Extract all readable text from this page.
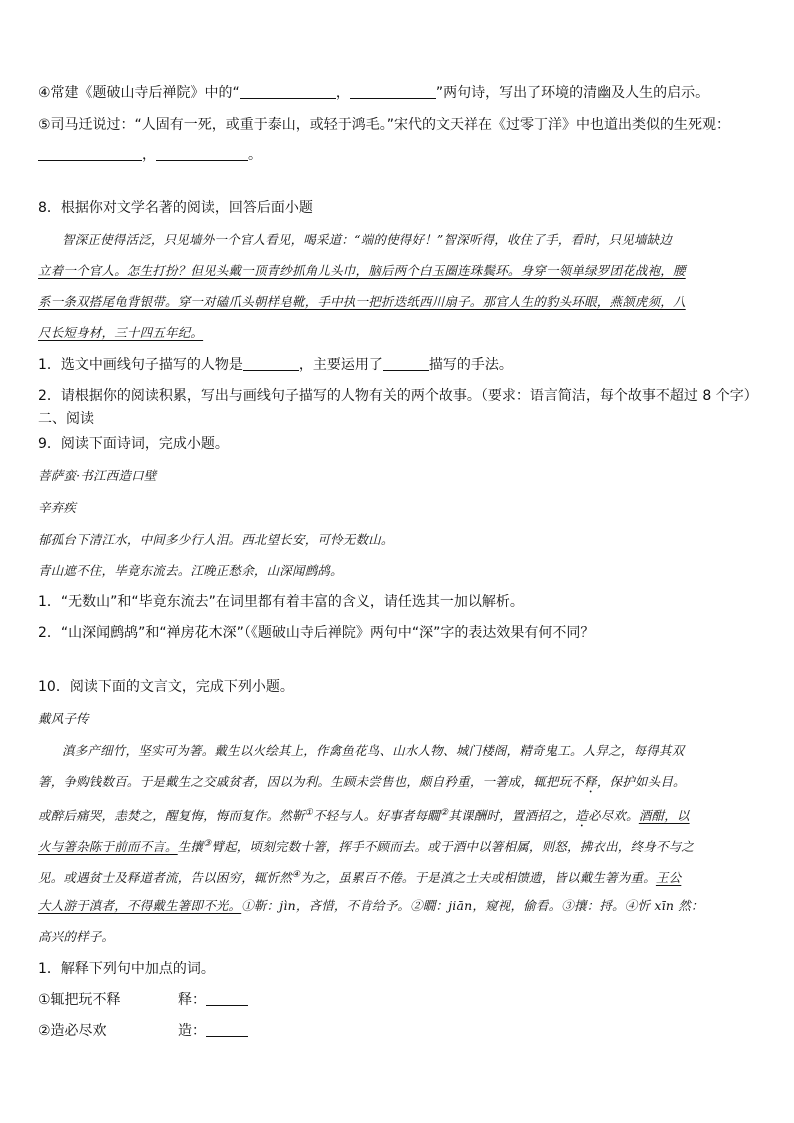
④常建《题破山寺后禅院》中的“	，	”两句诗，写出了环境的清幽及人生的启示。
⑤司马迁说过：“人固有一死，或重于泰山，或轻于鸿毛。”宋代的文天祥在《过零丁洋》中也道出类似的生死观：
，	。
8．根据你对文学名著的阅读，回答后面小题
智深正使得活泛，只见墙外一个官人看见，喝采道：“端的使得好！”智深听得，收住了手，看时，只见墙缺边
立着一个官人。怎生打扮？但见头戴一顶青纱抓角儿头巾，脑后两个白玉圈连珠鬓环。身穿一领单绿罗团花战袍，腰
系一条双搭尾龟背银带。穿一对磕爪头朝样皂靴，手中执一把折迭纸西川扇子。那官人生的豹头环眼，燕颔虎须，八
尺长短身材，三十四五年纪。
1．选文中画线句子描写的人物是	，主要运用了	描写的手法。
2．请根据你的阅读积累，写出与画线句子描写的人物有关的两个故事。（要求：语言简洁，每个故事不超过 8 个字）
二、阅读
9．阅读下面诗词，完成小题。
菩萨蛮·书江西造口壁
辛弃疾
郁孤台下清江水，中间多少行人泪。西北望长安，可怜无数山。
青山遮不住，毕竟东流去。江晚正愁余，山深闻鹧鸪。
1．“无数山”和“毕竟东流去”在词里都有着丰富的含义，请任选其一加以解析。
2．“山深闻鹧鸪”和“禅房花木深”（《题破山寺后禅院》两句中“深”字的表达效果有何不同？
10．阅读下面的文言文，完成下列小题。
戴风子传
滇多产细竹，坚实可为箸。戴生以火绘其上，作禽鱼花鸟、山水人物、城门楼阁，精奇鬼工。人舁之，每得其双
箸，争购钱数百。于是戴生之交戚贫者，因以为利。生顾未尝售也，颇自矜重，一箸成，辄把玩不释，保护如头目。
或醉后痛哭，恚焚之，醒复悔，悔而复作。然靳①不轻与人。好事者每瞯②其课酬时，置酒招之，造必尽欢。酒酣，以
火与箸杂陈于前而不言。生攘③臂起，顷刻完数十箸，挥手不顾而去。或于酒中以箸相属，则怒，拂衣出，终身不与之
见。或遇贫士及释道者流，告以困穷，辄忻然④为之，虽累百不倦。于是滇之士夫或相馈遗，皆以戴生箸为重。王公
大人游于滇者，不得戴生箸即不光。①靳：jìn，吝惜，不肯给予。②瞯：jiān，窥视，偷看。③攘：捋。④忻 xīn 然：
高兴的样子。
1．解释下列句中加点的词。
①辄把玩不释	释：
②造必尽欢	造：
